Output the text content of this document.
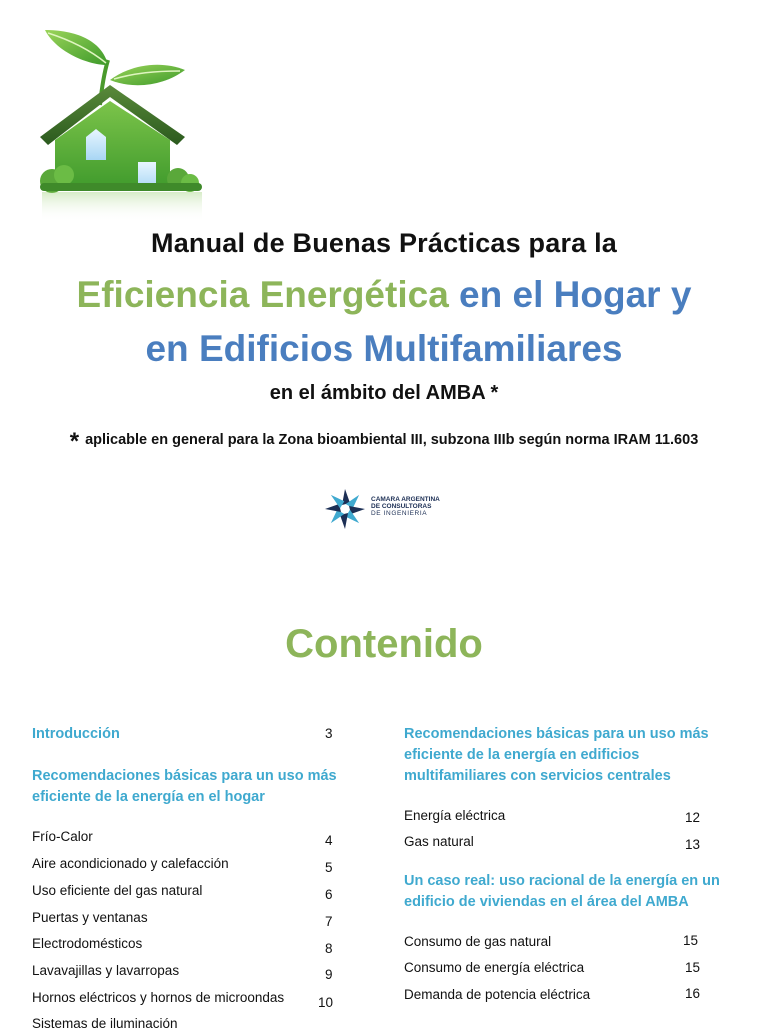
Manual de Buenas Prácticas para la
Eficiencia Energética en el Hogar y
en Edificios Multifamiliares
en el ámbito del AMBA *
* aplicable en general para la Zona bioambiental III, subzona IIIb según norma IRAM 11.603
CAMARA ARGENTINA
DE CONSULTORAS
DE INGENIERIA
Contenido
Introducción	3
Recomendaciones básicas para un uso más
eficiente de la energía en el hogar
Frío-Calor	4
Aire acondicionado y calefacción	5
Uso eficiente del gas natural	6
Puertas y ventanas	7
Electrodomésticos	8
Lavavajillas y lavarropas	9
Hornos eléctricos y hornos de microondas	10
Sistemas de iluminación
Recomendaciones básicas para un uso más
eficiente de la energía en edificios
multifamiliares con servicios centrales
Energía eléctrica	12
Gas natural	13
Un caso real: uso racional de la energía en un
edificio de viviendas en el área del AMBA
Consumo de gas natural	15
Consumo de energía eléctrica	15
Demanda de potencia eléctrica	16
